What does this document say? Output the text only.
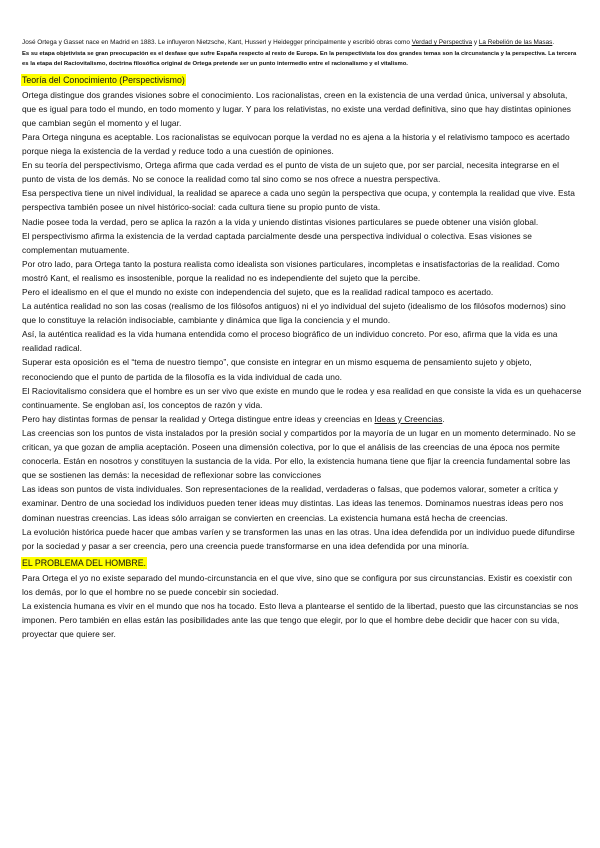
José Ortega y Gasset nace en Madrid en 1883. Le influyeron Nietzsche, Kant, Husserl y Heidegger principalmente y escribió obras como Verdad y Perspectiva y La Rebelión de las Masas.

Es su etapa objetivista se gran preocupación es el desfase que sufre España respecto al resto de Europa. En la perspectivista los dos grandes temas son la circunstancia y la perspectiva. La tercera es la etapa del Raciovitalismo, doctrina filosófica original de Ortega pretende ser un punto intermedio entre el racionalismo y el vitalismo.

Teoría del Conocimiento (Perspectivismo)

Ortega distingue dos grandes visiones sobre el conocimiento. Los racionalistas, creen en la existencia de una verdad única, universal y absoluta, que es igual para todo el mundo, en todo momento y lugar. Y para los relativistas, no existe una verdad definitiva, sino que hay distintas opiniones que cambian según el momento y el lugar.

Para Ortega ninguna es aceptable. Los racionalistas se equivocan porque la verdad no es ajena a la historia y el relativismo tampoco es acertado porque niega la existencia de la verdad y reduce todo a una cuestión de opiniones.

En su teoría del perspectivismo, Ortega afirma que cada verdad es el punto de vista de un sujeto que, por ser parcial, necesita integrarse en el punto de vista de los demás. No se conoce la realidad como tal sino como se nos ofrece a nuestra perspectiva.

Esa perspectiva tiene un nivel individual, la realidad se aparece a cada uno según la perspectiva que ocupa, y contempla la realidad que vive. Esta perspectiva también posee un nivel histórico-social: cada cultura tiene su propio punto de vista.

Nadie posee toda la verdad, pero se aplica la razón a la vida y uniendo distintas visiones particulares se puede obtener una visión global.

El perspectivismo afirma la existencia de la verdad captada parcialmente desde una perspectiva individual o colectiva. Esas visiones se complementan mutuamente.

Por otro lado, para Ortega tanto la postura realista como idealista son visiones particulares, incompletas e insatisfactorias de la realidad. Como mostró Kant, el realismo es insostenible, porque la realidad no es independiente del sujeto que la percibe.

Pero el idealismo en el que el mundo no existe con independencia del sujeto, que es la realidad radical tampoco es acertado.

La auténtica realidad no son las cosas (realismo de los filósofos antiguos) ni el yo individual del sujeto (idealismo de los filósofos modernos) sino que lo constituye la relación indisociable, cambiante y dinámica que liga la conciencia y el mundo.

Así, la auténtica realidad es la vida humana entendida como el proceso biográfico de un individuo concreto. Por eso, afirma que la vida es una realidad radical.

Superar esta oposición es el “tema de nuestro tiempo”, que consiste en integrar en un mismo esquema de pensamiento sujeto y objeto, reconociendo que el punto de partida de la filosofía es la vida individual de cada uno.

El Raciovitalismo considera que el hombre es un ser vivo que existe en mundo que le rodea y esa realidad en que consiste la vida es un quehacerse continuamente. Se engloban así, los conceptos de razón y vida.

Pero hay distintas formas de pensar la realidad y Ortega distingue entre ideas y creencias en Ideas y Creencias.

Las creencias son los puntos de vista instalados por la presión social y compartidos por la mayoría de un lugar en un momento determinado. No se critican, ya que gozan de amplia aceptación. Poseen una dimensión colectiva, por lo que el análisis de las creencias de una época nos permite conocerla. Están en nosotros y constituyen la sustancia de la vida. Por ello, la existencia humana tiene que fijar la creencia fundamental sobre las que se sostienen las demás: la necesidad de reflexionar sobre las convicciones

Las ideas son puntos de vista individuales. Son representaciones de la realidad, verdaderas o falsas, que podemos valorar, someter a crítica y examinar. Dentro de una sociedad los individuos pueden tener ideas muy distintas. Las ideas las tenemos. Dominamos nuestras ideas pero nos dominan nuestras creencias. Las ideas sólo arraigan se convierten en creencias. La existencia humana está hecha de creencias.

La evolución histórica puede hacer que ambas varíen y se transformen las unas en las otras. Una idea defendida por un individuo puede difundirse por la sociedad y pasar a ser creencia, pero una creencia puede transformarse en una idea defendida por una minoría.

EL PROBLEMA DEL HOMBRE.

Para Ortega el yo no existe separado del mundo-circunstancia en el que vive, sino que se configura por sus circunstancias. Existir es coexistir con los demás, por lo que el hombre no se puede concebir sin sociedad.

La existencia humana es vivir en el mundo que nos ha tocado. Esto lleva a plantearse el sentido de la libertad, puesto que las circunstancias se nos imponen. Pero también en ellas están las posibilidades ante las que tengo que elegir, por lo que el hombre debe decidir que hacer con su vida, proyectar que quiere ser.
